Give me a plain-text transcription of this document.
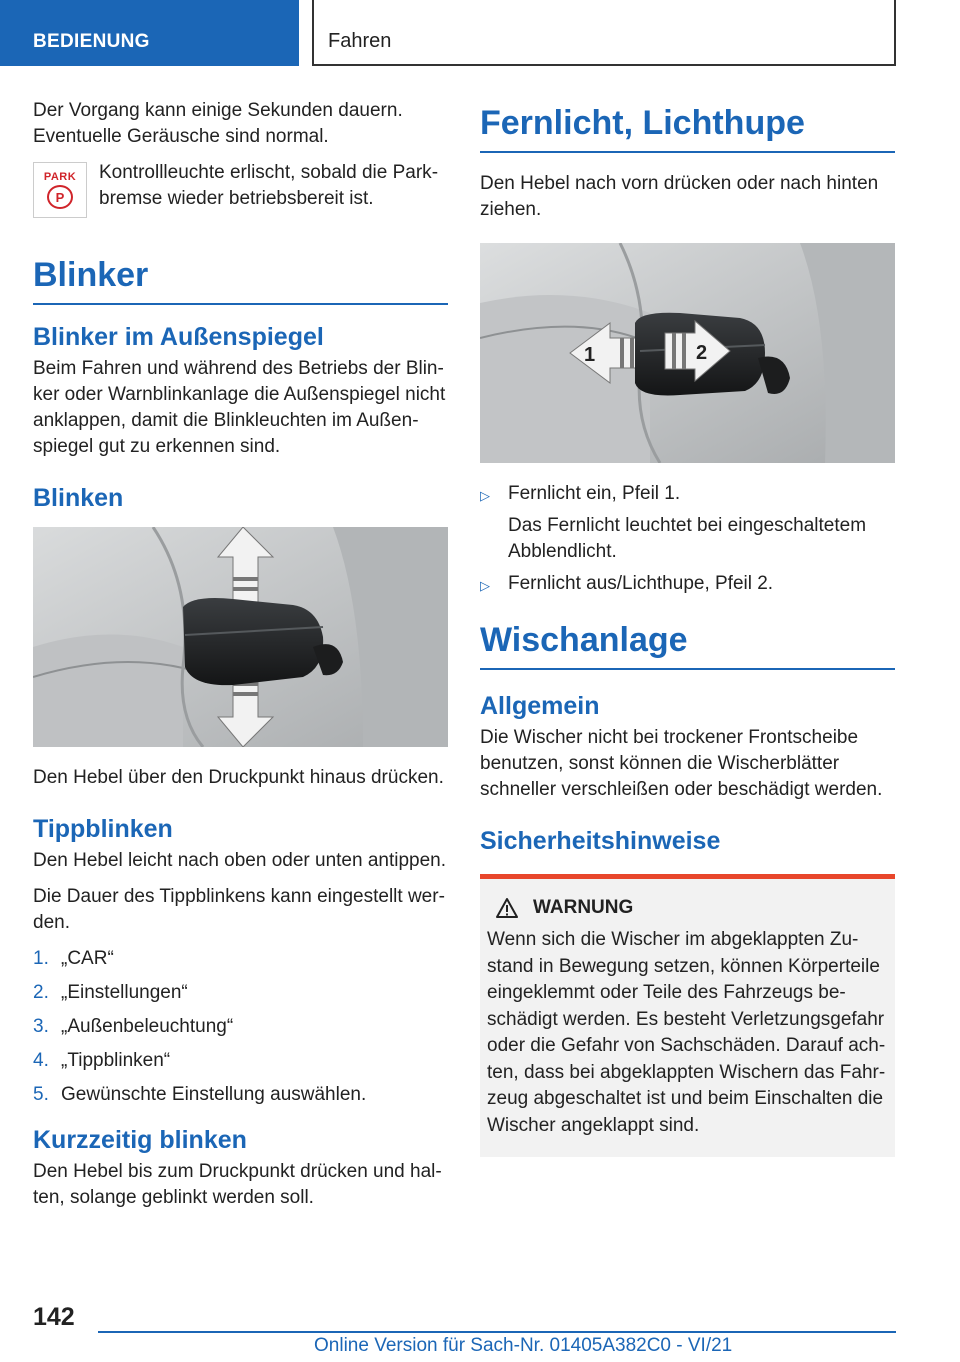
BEDIENUNG	Fahren

Der Vorgang kann einige Sekunden dauern. Eventuelle Geräusche sind normal.

PARK
P

Kontrollleuchte erlischt, sobald die Parkbremse wieder betriebsbereit ist.

Blinker
Blinker im Außenspiegel

Beim Fahren und während des Betriebs der Blinker oder Warnblinkanlage die Außenspiegel nicht anklappen, damit die Blinkleuchten im Außenspiegel gut zu erkennen sind.

Blinken

Den Hebel über den Druckpunkt hinaus drücken.

Tippblinken

Den Hebel leicht nach oben oder unten antippen.

Die Dauer des Tippblinkens kann eingestellt werden.

1. „CAR“
2. „Einstellungen“
3. „Außenbeleuchtung“
4. „Tippblinken“
5. Gewünschte Einstellung auswählen.
Kurzzeitig blinken

Den Hebel bis zum Druckpunkt drücken und halten, solange geblinkt werden soll.

Fernlicht, Lichthupe

Den Hebel nach vorn drücken oder nach hinten ziehen.

1	2
▷ Fernlicht ein, Pfeil 1.
Das Fernlicht leuchtet bei eingeschaltetem Abblendlicht.
▷ Fernlicht aus/Lichthupe, Pfeil 2.
Wischanlage
Allgemein

Die Wischer nicht bei trockener Frontscheibe benutzen, sonst können die Wischerblätter schneller verschleißen oder beschädigt werden.

Sicherheitshinweise
WARNUNG

Wenn sich die Wischer im abgeklappten Zustand in Bewegung setzen, können Körperteile eingeklemmt oder Teile des Fahrzeugs beschädigt werden. Es besteht Verletzungsgefahr oder die Gefahr von Sachschäden. Darauf achten, dass bei abgeklappten Wischern das Fahrzeug abgeschaltet ist und beim Einschalten die Wischer angeklappt sind.

142
Online Version für Sach-Nr. 01405A382C0 - VI/21
